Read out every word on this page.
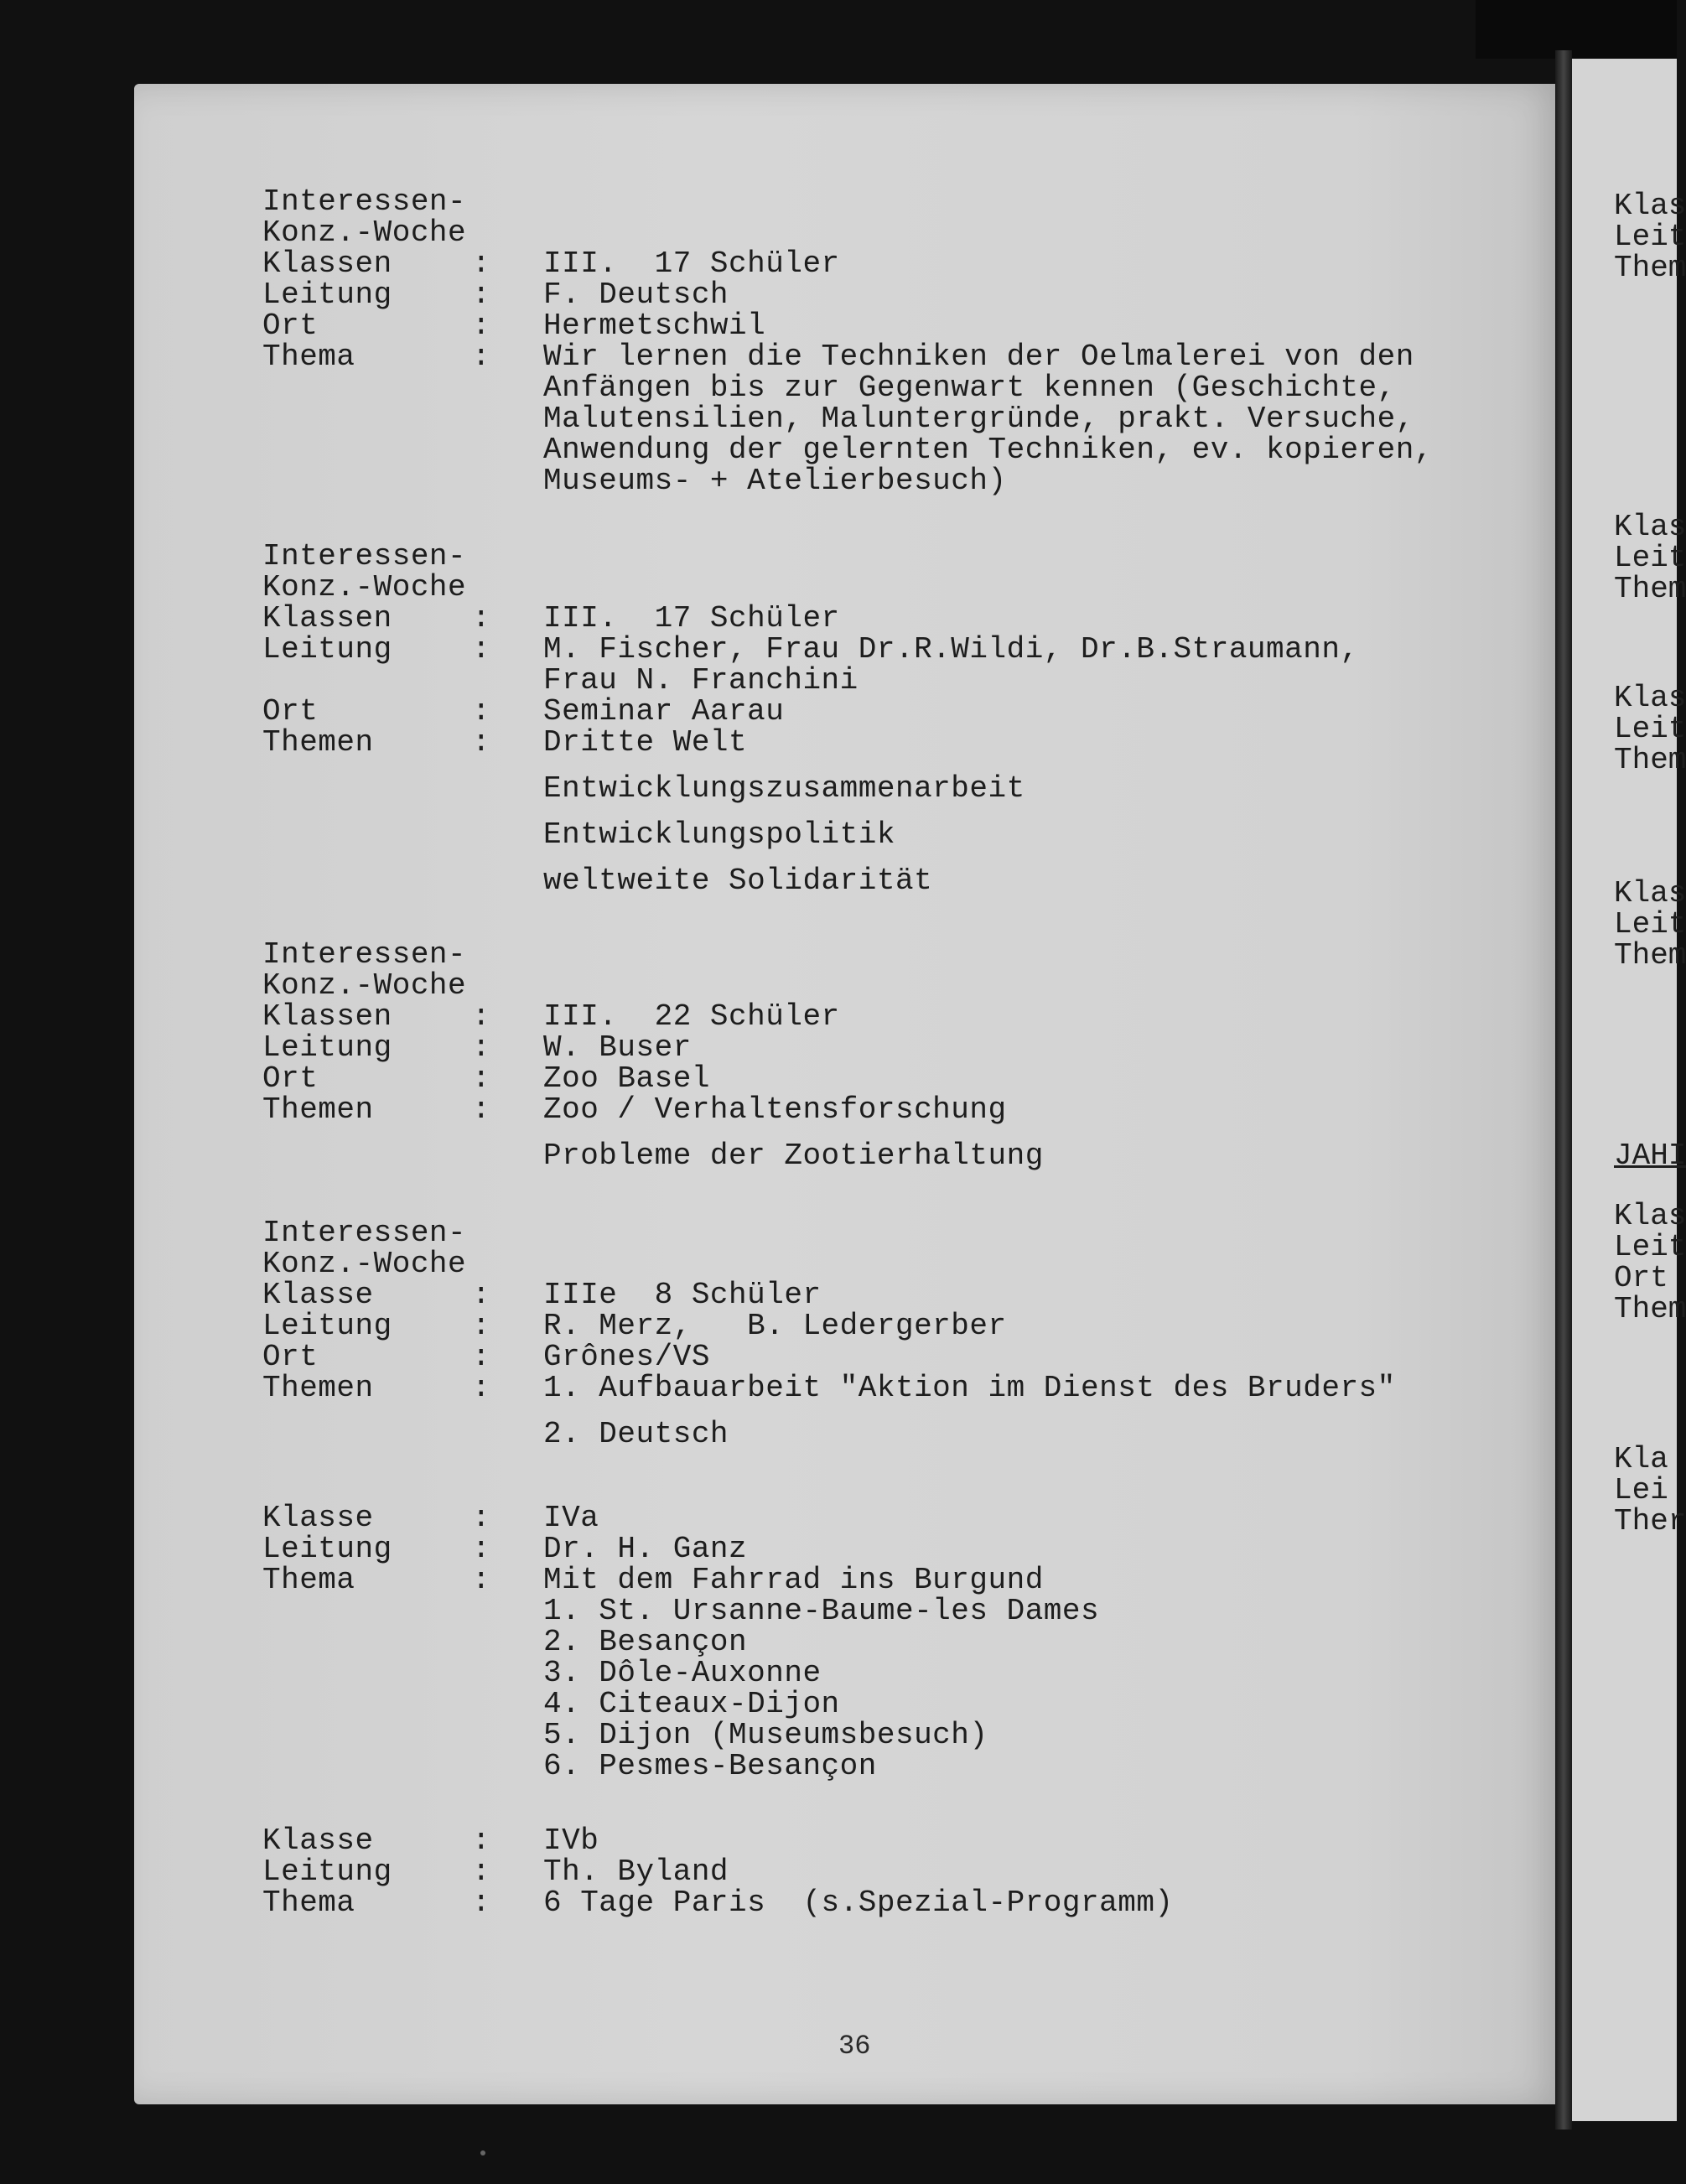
Klas
Leit
Them
Klas
Leit
Them
Klas
Leit
Them
Klas
Leit
Them
JAHI
Klas
Leit
Ort
Them
Kla
Lei
Ther
Interessen-
Konz.-Woche
Klassen	: III.  17 Schüler
Leitung	: F. Deutsch
Ort	: Hermetschwil
Thema	: Wir lernen die Techniken der Oelmalerei von den
Anfängen bis zur Gegenwart kennen (Geschichte,
Malutensilien, Maluntergründe, prakt. Versuche,
Anwendung der gelernten Techniken, ev. kopieren,
Museums- + Atelierbesuch)
Interessen-
Konz.-Woche
Klassen	: III.  17 Schüler
Leitung	: M. Fischer, Frau Dr.R.Wildi, Dr.B.Straumann,
Frau N. Franchini
Ort	: Seminar Aarau
Themen	: Dritte Welt
Entwicklungszusammenarbeit
Entwicklungspolitik
weltweite Solidarität
Interessen-
Konz.-Woche
Klassen	: III.  22 Schüler
Leitung	: W. Buser
Ort	: Zoo Basel
Themen	: Zoo / Verhaltensforschung
Probleme der Zootierhaltung
Interessen-
Konz.-Woche
Klasse	: IIIe  8 Schüler
Leitung	: R. Merz,   B. Ledergerber
Ort	: Grônes/VS
Themen	: 1. Aufbauarbeit "Aktion im Dienst des Bruders"
2. Deutsch
Klasse	: IVa
Leitung	: Dr. H. Ganz
Thema	: Mit dem Fahrrad ins Burgund
1. St. Ursanne-Baume-les Dames
2. Besançon
3. Dôle-Auxonne
4. Citeaux-Dijon
5. Dijon (Museumsbesuch)
6. Pesmes-Besançon
Klasse	: IVb
Leitung	: Th. Byland
Thema	: 6 Tage Paris  (s.Spezial-Programm)
36
